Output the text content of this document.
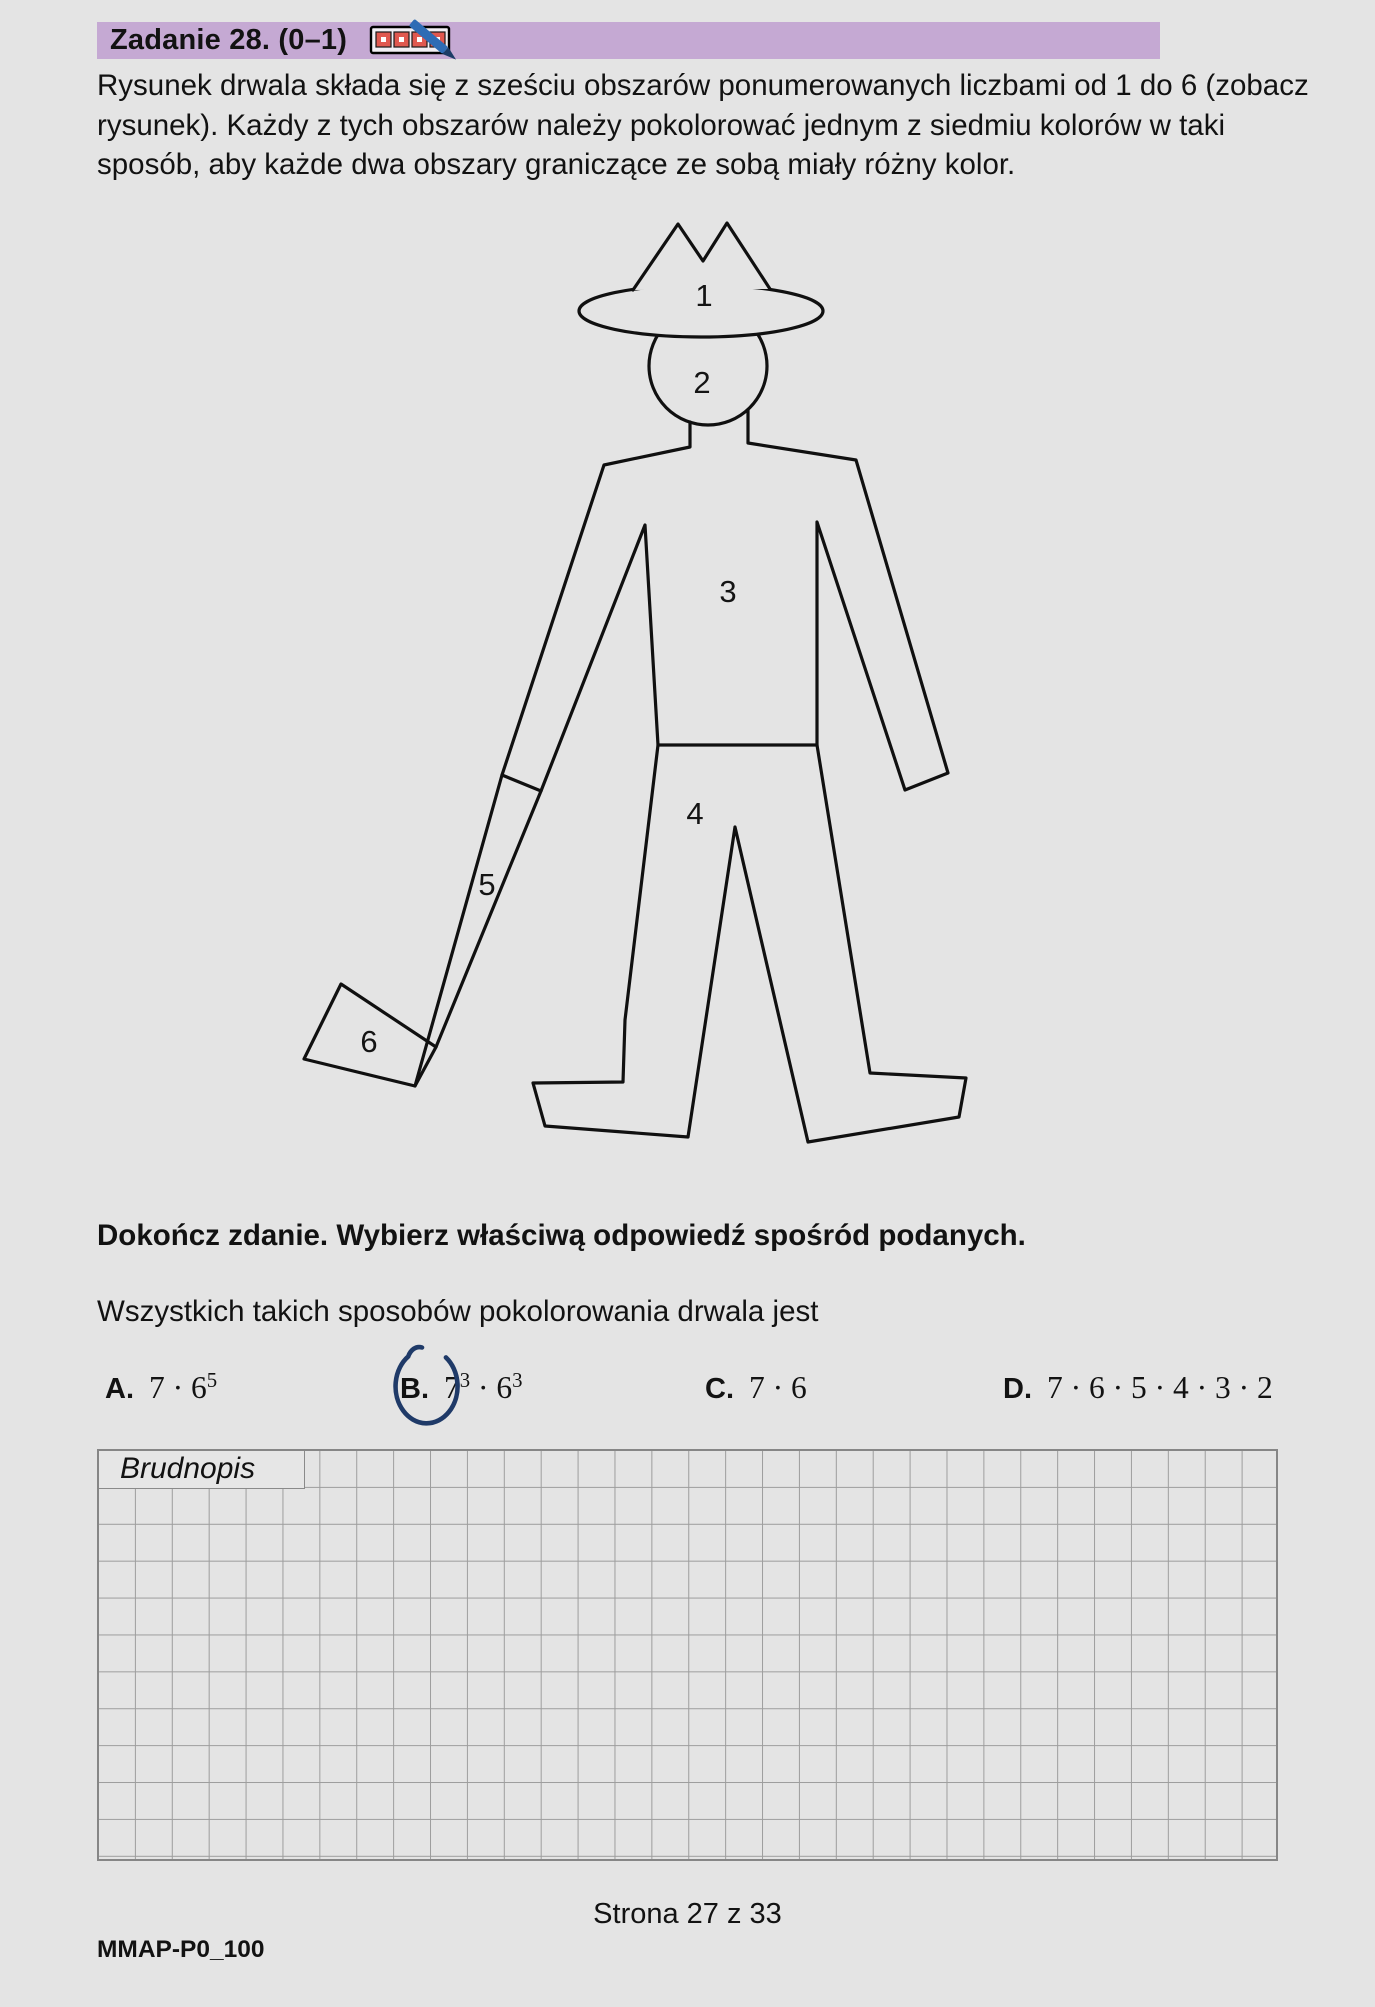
Zadanie 28. (0–1)
Rysunek drwala składa się z sześciu obszarów ponumerowanych liczbami od 1 do 6 (zobacz
rysunek). Każdy z tych obszarów należy pokolorować jednym z siedmiu kolorów w taki
sposób, aby każde dwa obszary graniczące ze sobą miały różny kolor.
1
2
3
4
5
6
Dokończ zdanie. Wybierz właściwą odpowiedź spośród podanych.
Wszystkich takich sposobów pokolorowania drwala jest
A. $7 \cdot 6^5$	B. $7^3 \cdot 6^3$	C. 7 · 6	D. 7 · 6 · 5 · 4 · 3 · 2
Brudnopis
Strona 27 z 33
MMAP-P0_100
